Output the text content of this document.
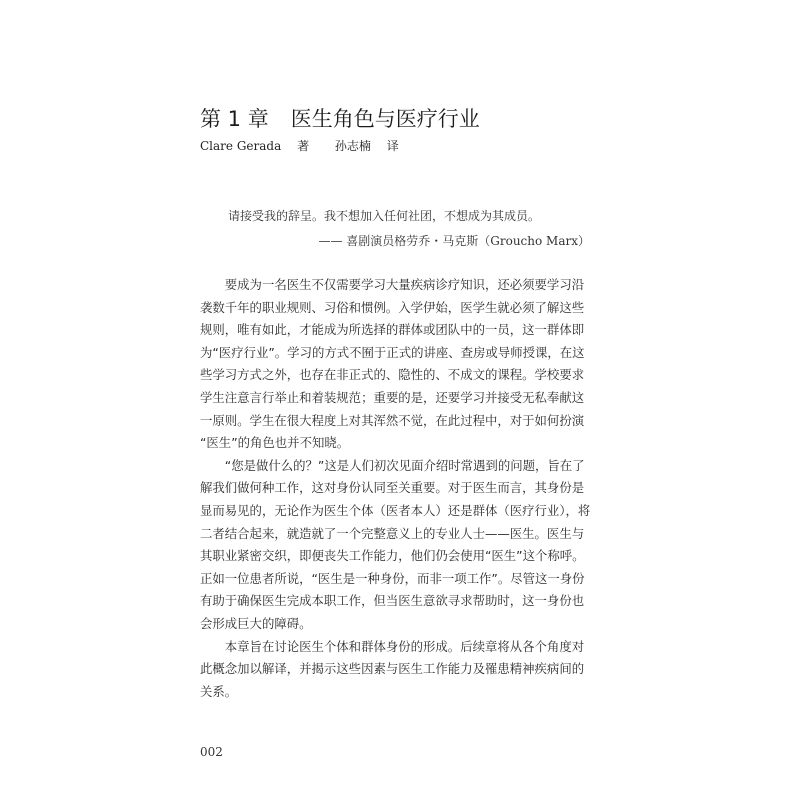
第 1 章 医生角色与医疗行业
Clare Gerada 著 孙志楠 译
请接受我的辞呈。我不想加入任何社团，不想成为其成员。
—— 喜剧演员格劳乔・马克斯（Groucho Marx）

　　要成为一名医生不仅需要学习大量疾病诊疗知识，还必须要学习沿
袭数千年的职业规则、习俗和惯例。入学伊始，医学生就必须了解这些
规则，唯有如此，才能成为所选择的群体或团队中的一员，这一群体即
为“医疗行业”。学习的方式不囿于正式的讲座、查房或导师授课，在这
些学习方式之外，也存在非正式的、隐性的、不成文的课程。学校要求
学生注意言行举止和着装规范；重要的是，还要学习并接受无私奉献这
一原则。学生在很大程度上对其浑然不觉，在此过程中，对于如何扮演
“医生”的角色也并不知晓。

　　“您是做什么的？”这是人们初次见面介绍时常遇到的问题，旨在了
解我们做何种工作，这对身份认同至关重要。对于医生而言，其身份是
显而易见的，无论作为医生个体（医者本人）还是群体（医疗行业），将
二者结合起来，就造就了一个完整意义上的专业人士——医生。医生与
其职业紧密交织，即便丧失工作能力，他们仍会使用“医生”这个称呼。
正如一位患者所说，“医生是一种身份，而非一项工作”。尽管这一身份
有助于确保医生完成本职工作，但当医生意欲寻求帮助时，这一身份也
会形成巨大的障碍。

　　本章旨在讨论医生个体和群体身份的形成。后续章将从各个角度对
此概念加以解译，并揭示这些因素与医生工作能力及罹患精神疾病间的
关系。

002
